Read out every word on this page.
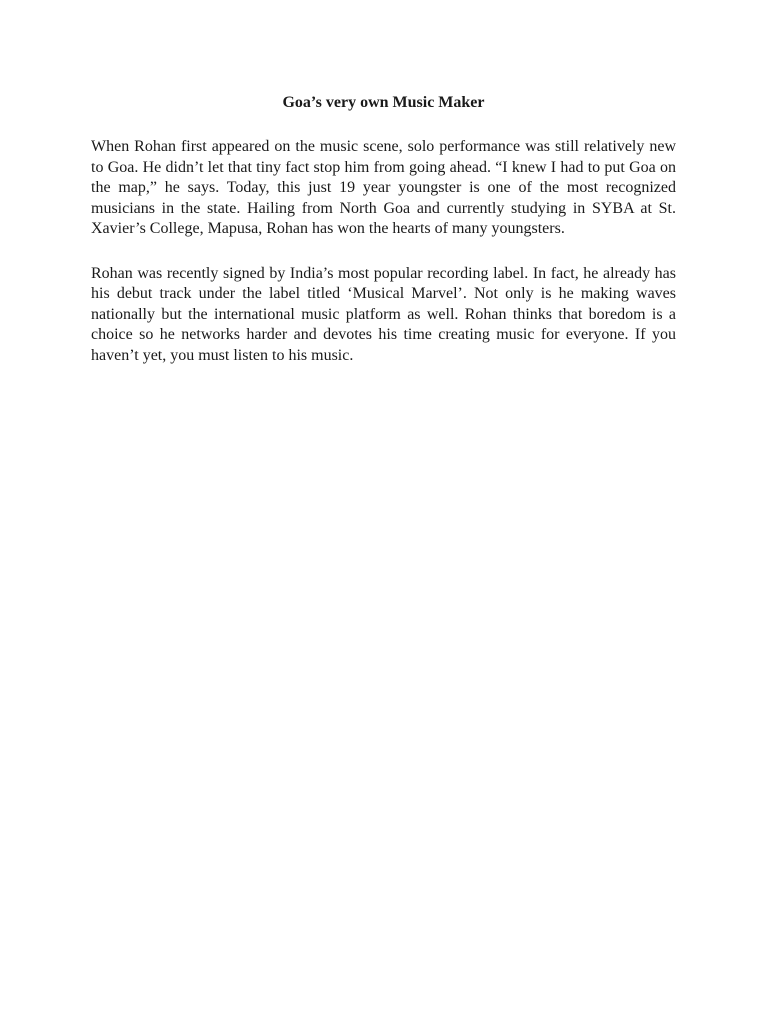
Goa’s very own Music Maker

When Rohan first appeared on the music scene, solo performance was still relatively new to Goa. He didn’t let that tiny fact stop him from going ahead. “I knew I had to put Goa on the map,” he says. Today, this just 19 year youngster is one of the most recognized musicians in the state. Hailing from North Goa and currently studying in SYBA at St. Xavier’s College, Mapusa, Rohan has won the hearts of many youngsters.

Rohan was recently signed by India’s most popular recording label. In fact, he already has his debut track under the label titled ‘Musical Marvel’. Not only is he making waves nationally but the international music platform as well. Rohan thinks that boredom is a choice so he networks harder and devotes his time creating music for everyone. If you haven’t yet, you must listen to his music.
